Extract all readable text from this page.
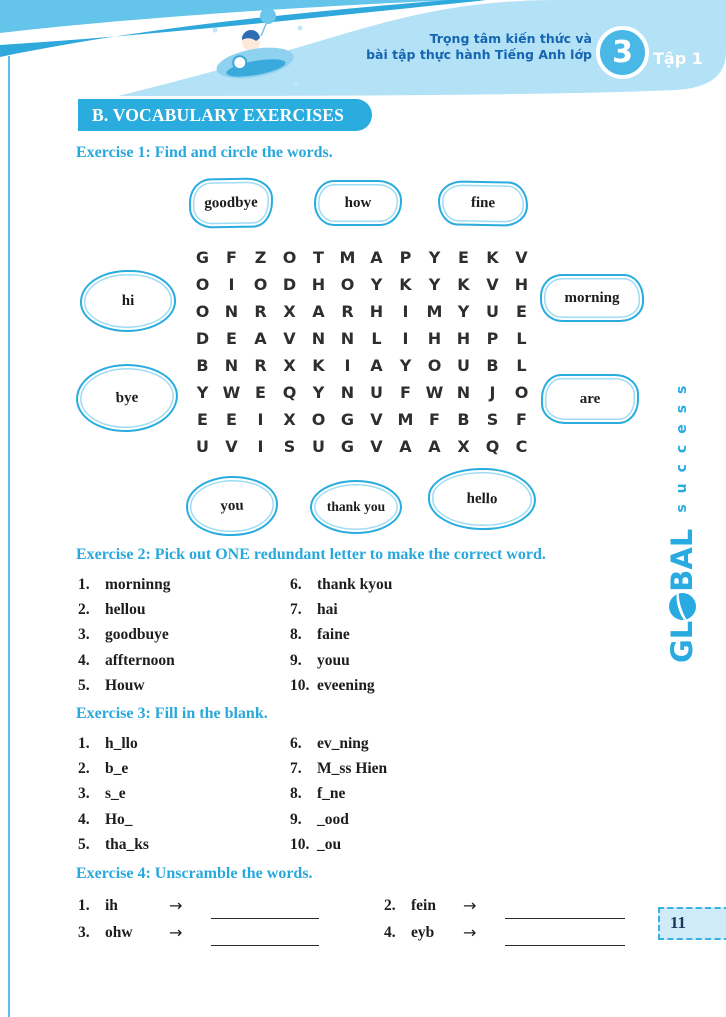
Trọng tâm kiến thức và
bài tập thực hành Tiếng Anh lớp 3 Tập 1
B. VOCABULARY EXERCISES
Exercise 1: Find and circle the words.
G	F	Z	O	T M A	P	Y	E	K	V
O	I	O D H O	Y	K	Y	K	V	H
O N	R	X	A	R	H	I	M Y	U	E
D	E	A	V	N N	L	I	H H	P	L
B	N	R	X	K	I	A	Y	O U	B	L
Y W E	Q	Y	N U	F W N	J	O
E	E	I	X	O G	V M F	B	S	F
U	V	I	S	U G	V	A	A	X	Q	C
goodbye	how	fine
hi	morning
bye	are
you	thank you	hello
Exercise 2: Pick out ONE redundant letter to make the correct word.
1. morninng
2. hellou
3. goodbuye
4. affternoon
5. Houw
6. thank kyou
7. hai
8. faine
9. youu
10. eveening
Exercise 3: Fill in the blank.
1. h_llo
2. b_e
3. s_e
4. Ho_
5. tha_ks
6. ev_ning
7. M_ss Hien
8. f_ne
9. _ood
10. _ou
Exercise 4: Unscramble the words.
1. ih	→	2. fein	→
3. ohw	→	4. eyb	→
GL
BAL
success
11
